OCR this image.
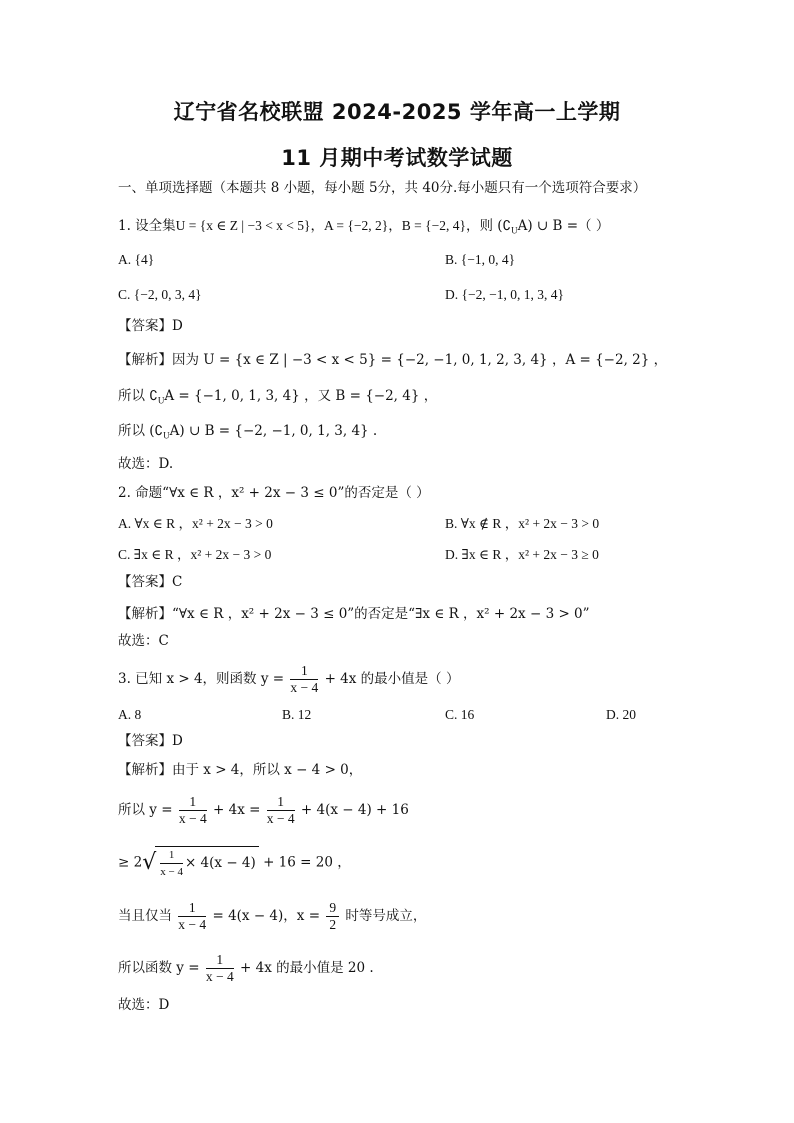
辽宁省名校联盟 2024-2025 学年高一上学期
11 月期中考试数学试题
一、单项选择题（本题共 8 小题，每小题 5分，共 40分.每小题只有一个选项符合要求）
1. 设全集U = {x ∈ Z | −3 < x < 5}，A = {−2, 2}，B = {−2, 4}，则 $(∁_UA)$ ∪ B =（ ）
A. {4}	B. {−1, 0, 4}
C. {−2, 0, 3, 4}	D. {−2, −1, 0, 1, 3, 4}
【答案】D
【解析】因为 U = {x ∈ Z | −3 < x < 5} = {−2, −1, 0, 1, 2, 3, 4} ，A = {−2, 2} ，
所以 $∁_UA = \{-1$, 0, 1, 3, 4} ，又 B = {−2, 4} ，
所以 $(∁_UA)$ ∪ B = {−2, −1, 0, 1, 3, 4} .
故选：D.
2. 命题“∀x ∈ R ，x² + 2x − 3 ≤ 0”的否定是（ ）
A. ∀x ∈ R ，x² + 2x − 3 > 0	B. ∀x ∉ R ，x² + 2x − 3 > 0
C. ∃x ∈ R ，x² + 2x − 3 > 0	D. ∃x ∈ R ，x² + 2x − 3 ≥ 0
【答案】C
【解析】“∀x ∈ R ，x² + 2x − 3 ≤ 0”的否定是“∃x ∈ R ，x² + 2x − 3 > 0”
故选：C
3. 已知 x > 4，则函数 $y = \frac{1}{x - 4} + 4x$ 的最小值是（ ）
A. 8	B. 12	C. 16	D. 20
【答案】D
【解析】由于 x > 4，所以 x − 4 > 0，
所以 $y = \frac{1}{x - 4} + 4x = \frac{1}{x - 4} + 4(x - 4) + 16$
≥ $2√ \frac{1}{x - 4} \times 4(x - 4) + 16 = 20$ ，
当且仅当 $\frac{1}{x - 4} = 4(x - 4)$，$x = \frac{9}{2}$ 时等号成立，
所以函数 $y = \frac{1}{x - 4} + 4x$ 的最小值是 20 .
故选：D
